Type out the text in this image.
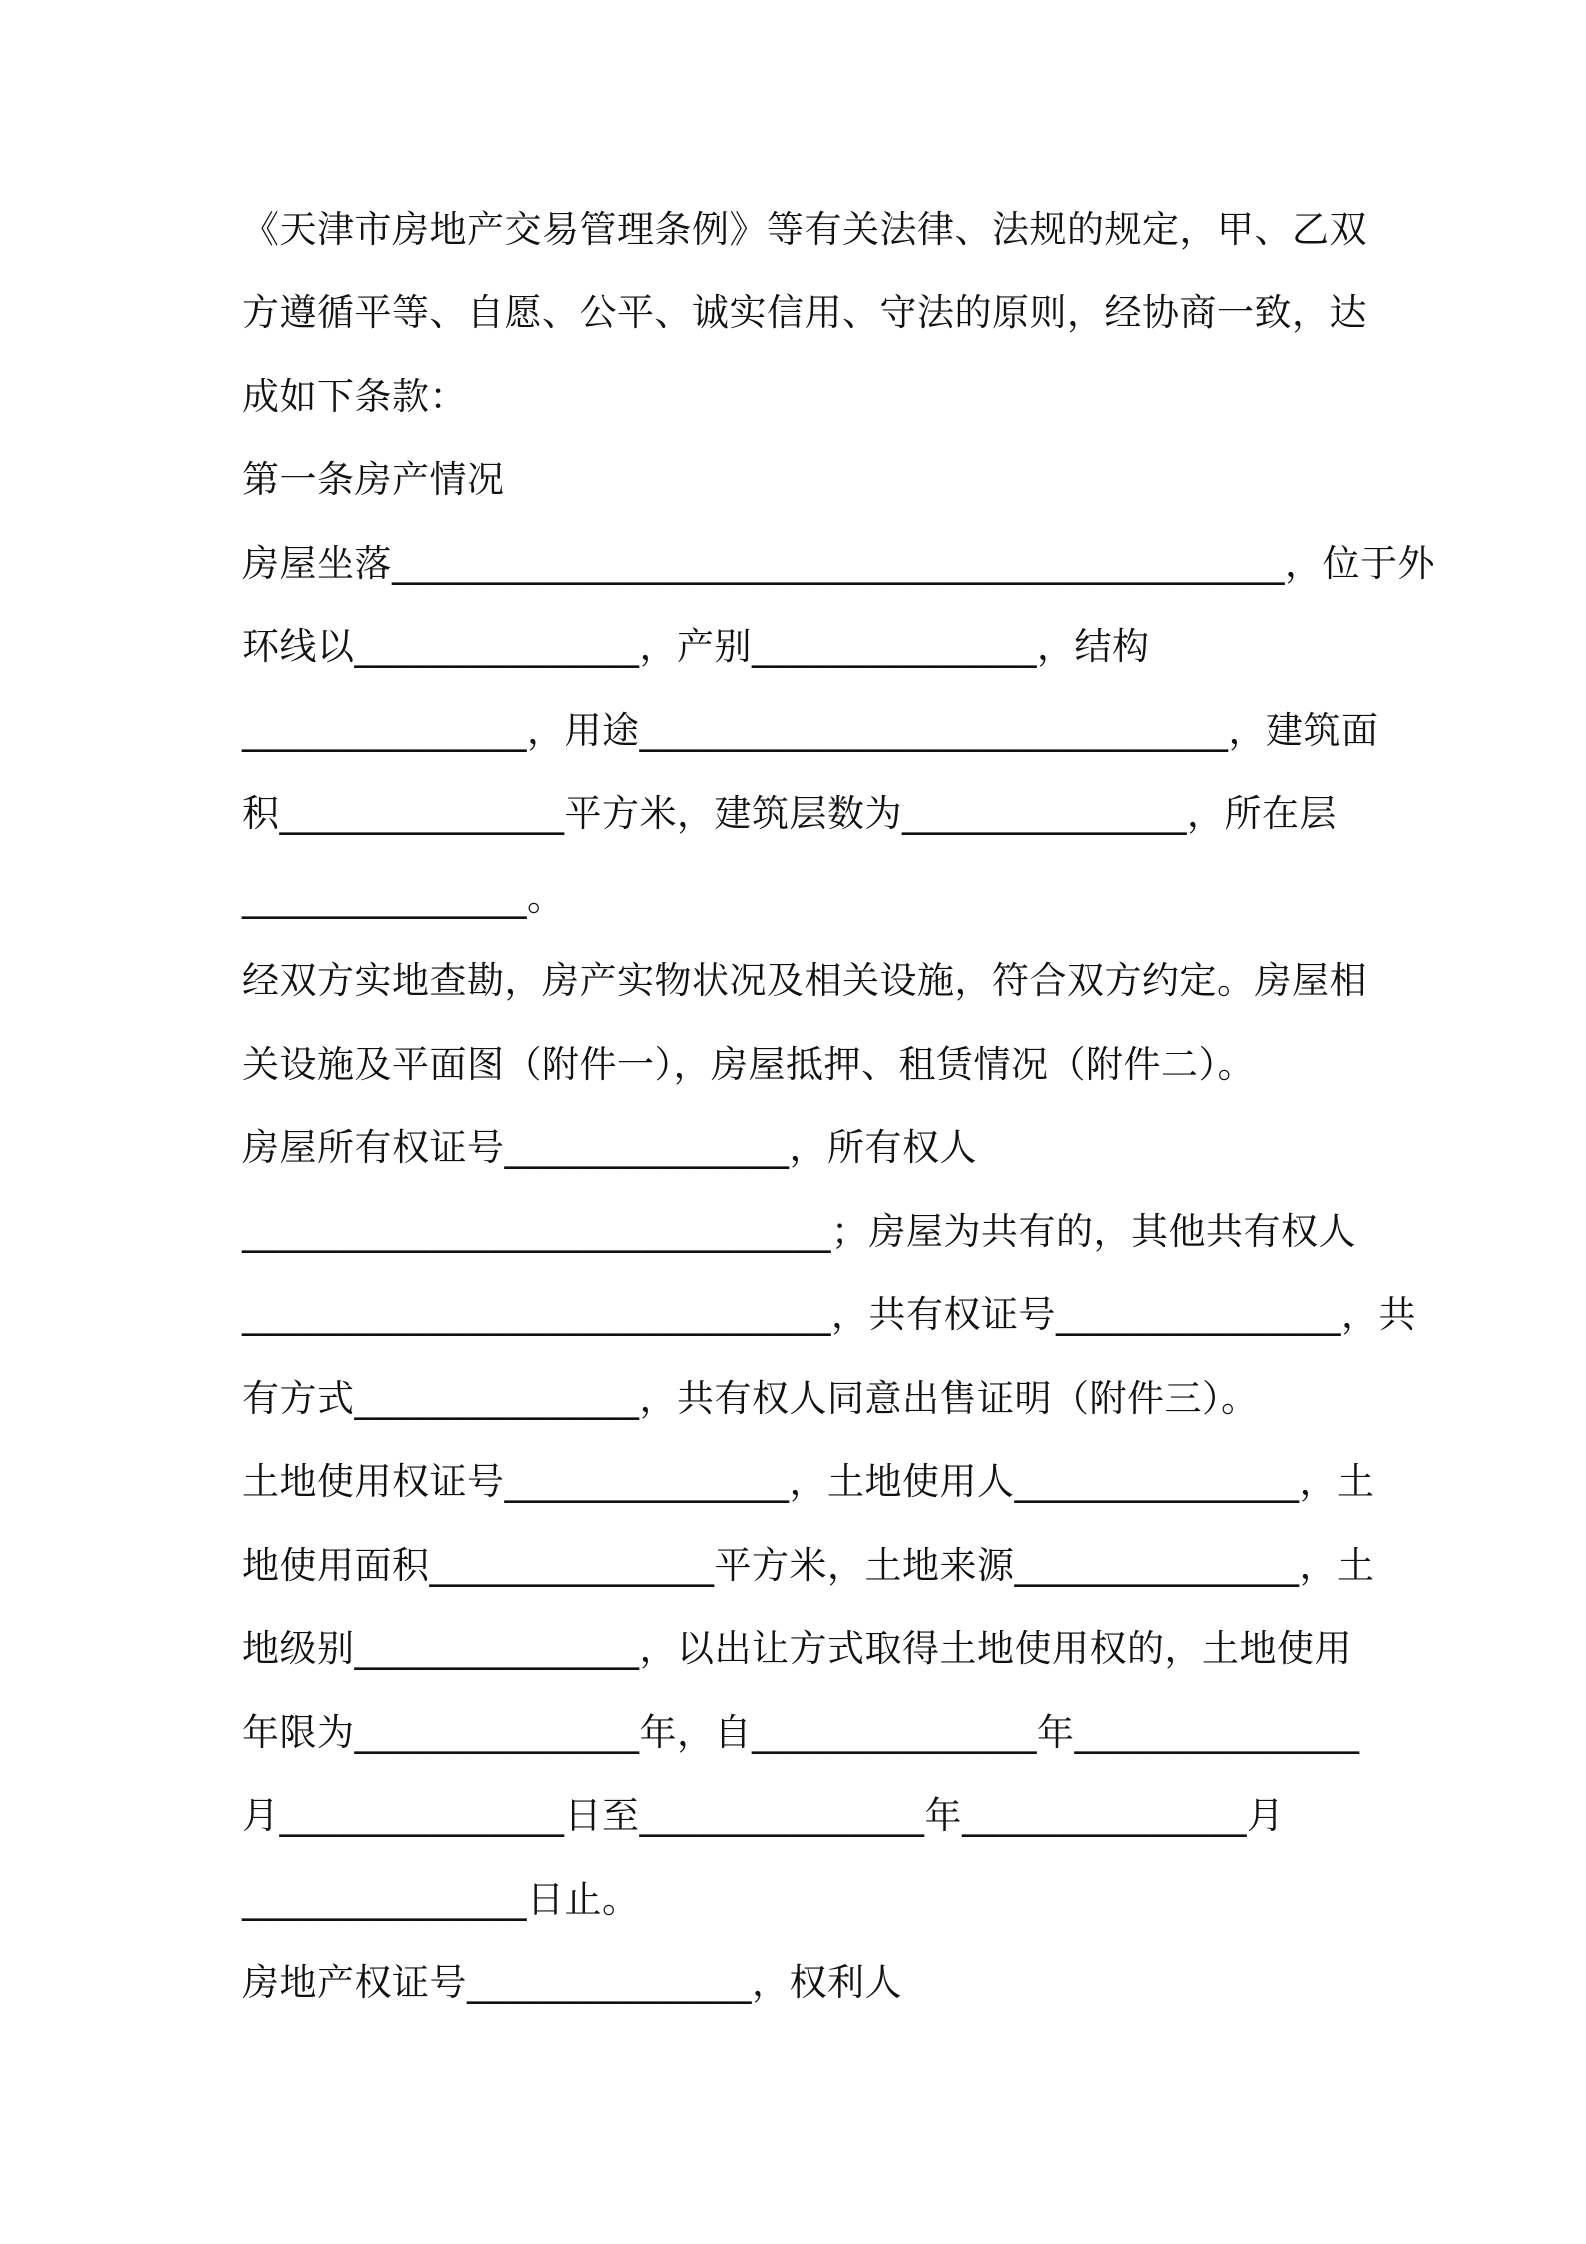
《天津市房地产交易管理条例》等有关法律、法规的规定，甲、乙双
方遵循平等、自愿、公平、诚实信用、守法的原则，经协商一致，达
成如下条款：
第一条房产情况
房屋坐落_______________________________________________，位于外
环线以_______________，产别_______________，结构
_______________，用途_______________________________，建筑面
积_______________平方米，建筑层数为_______________，所在层
_______________。
经双方实地查勘，房产实物状况及相关设施，符合双方约定。房屋相
关设施及平面图（附件一），房屋抵押、租赁情况（附件二）。
房屋所有权证号_______________，所有权人
_______________________________；房屋为共有的，其他共有权人
_______________________________，共有权证号_______________，共
有方式_______________，共有权人同意出售证明（附件三）。
土地使用权证号_______________，土地使用人_______________，土
地使用面积_______________平方米，土地来源_______________，土
地级别_______________，以出让方式取得土地使用权的，土地使用
年限为_______________年，自_______________年_______________
月_______________日至_______________年_______________月
_______________日止。
房地产权证号_______________，权利人
